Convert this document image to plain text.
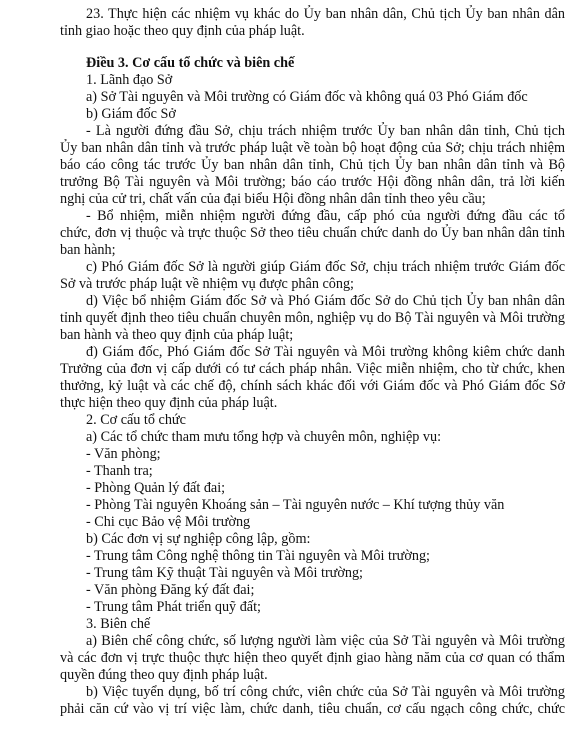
23. Thực hiện các nhiệm vụ khác do Ủy ban nhân dân, Chủ tịch Ủy ban nhân dân

tỉnh giao hoặc theo quy định của pháp luật.

Điều 3. Cơ cấu tổ chức và biên chế

1. Lãnh đạo Sở

a) Sở Tài nguyên và Môi trường có Giám đốc và không quá 03 Phó Giám đốc

b) Giám đốc Sở

- Là người đứng đầu Sở, chịu trách nhiệm trước Ủy ban nhân dân tỉnh, Chủ tịch

Ủy ban nhân dân tỉnh và trước pháp luật về toàn bộ hoạt động của Sở; chịu trách nhiệm

báo cáo công tác trước Ủy ban nhân dân tỉnh, Chủ tịch Ủy ban nhân dân tỉnh và Bộ

trưởng Bộ Tài nguyên và Môi trường; báo cáo trước Hội đồng nhân dân, trả lời kiến

nghị của cử tri, chất vấn của đại biểu Hội đồng nhân dân tỉnh theo yêu cầu;

- Bổ nhiệm, miễn nhiệm người đứng đầu, cấp phó của người đứng đầu các tổ

chức, đơn vị thuộc và trực thuộc Sở theo tiêu chuẩn chức danh do Ủy ban nhân dân tỉnh

ban hành;

c) Phó Giám đốc Sở là người giúp Giám đốc Sở, chịu trách nhiệm trước Giám đốc

Sở và trước pháp luật về nhiệm vụ được phân công;

d) Việc bổ nhiệm Giám đốc Sở và Phó Giám đốc Sở do Chủ tịch Ủy ban nhân dân

tỉnh quyết định theo tiêu chuẩn chuyên môn, nghiệp vụ do Bộ Tài nguyên và Môi trường

ban hành và theo quy định của pháp luật;

đ) Giám đốc, Phó Giám đốc Sở Tài nguyên và Môi trường không kiêm chức danh

Trưởng của đơn vị cấp dưới có tư cách pháp nhân. Việc miễn nhiệm, cho từ chức, khen

thưởng, kỷ luật và các chế độ, chính sách khác đối với Giám đốc và Phó Giám đốc Sở

thực hiện theo quy định của pháp luật.

2. Cơ cấu tổ chức

a) Các tổ chức tham mưu tổng hợp và chuyên môn, nghiệp vụ:

- Văn phòng;

- Thanh tra;

- Phòng Quản lý đất đai;

- Phòng Tài nguyên Khoáng sản – Tài nguyên nước – Khí tượng thủy văn

- Chi cục Bảo vệ Môi trường

b) Các đơn vị sự nghiệp công lập, gồm:

- Trung tâm Công nghệ thông tin Tài nguyên và Môi trường;

- Trung tâm Kỹ thuật Tài nguyên và Môi trường;

- Văn phòng Đăng ký đất đai;

- Trung tâm Phát triển quỹ đất;

3. Biên chế

a) Biên chế công chức, số lượng người làm việc của Sở Tài nguyên và Môi trường

và các đơn vị trực thuộc thực hiện theo quyết định giao hàng năm của cơ quan có thẩm

quyền đúng theo quy định pháp luật.

b) Việc tuyển dụng, bố trí công chức, viên chức của Sở Tài nguyên và Môi trường

phải căn cứ vào vị trí việc làm, chức danh, tiêu chuẩn, cơ cấu ngạch công chức, chức
